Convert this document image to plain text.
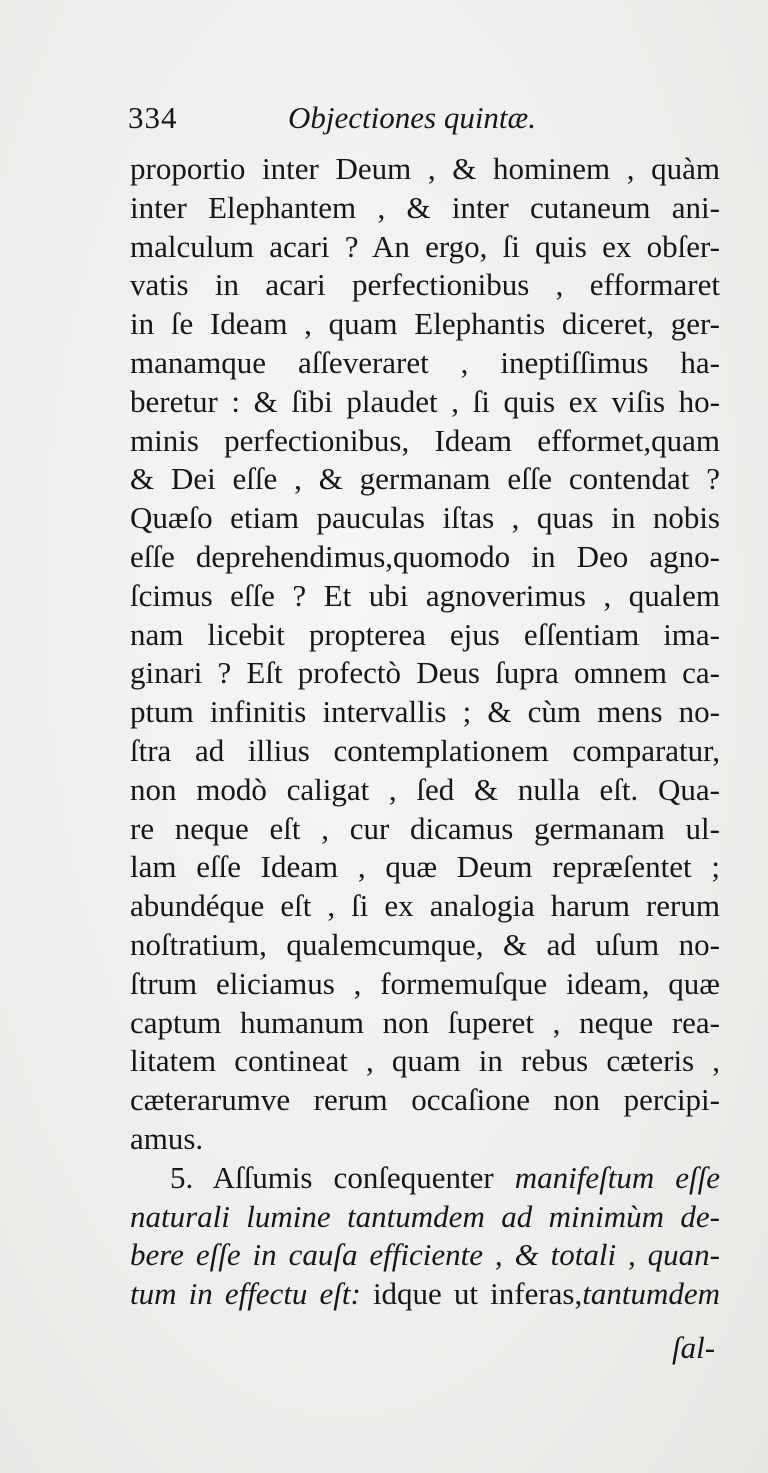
334	Objectiones quintæ.
proportio inter Deum , & hominem , quàm
inter Elephantem , & inter cutaneum ani-
malculum acari ? An ergo, ſi quis ex obſer-
vatis in acari perfectionibus , efformaret
in ſe Ideam , quam Elephantis diceret, ger-
manamque aſſeveraret , ineptiſſimus ha-
beretur : & ſibi plaudet , ſi quis ex viſis ho-
minis perfectionibus, Ideam efformet,quam
& Dei eſſe , & germanam eſſe contendat ?
Quæſo etiam pauculas iſtas , quas in nobis
eſſe deprehendimus,quomodo in Deo agno-
ſcimus eſſe ? Et ubi agnoverimus , qualem
nam licebit propterea ejus eſſentiam ima-
ginari ? Eſt profectò Deus ſupra omnem ca-
ptum infinitis intervallis ; & cùm mens no-
ſtra ad illius contemplationem comparatur,
non modò caligat , ſed & nulla eſt. Qua-
re neque eſt , cur dicamus germanam ul-
lam eſſe Ideam , quæ Deum repræſentet ;
abundéque eſt , ſi ex analogia harum rerum
noſtratium, qualemcumque, & ad uſum no-
ſtrum eliciamus , formemuſque ideam, quæ
captum humanum non ſuperet , neque rea-
litatem contineat , quam in rebus cæteris ,
cæterarumve rerum occaſione non percipi-
amus.
5. Aſſumis conſequenter manifeſtum eſſe
naturali lumine tantumdem ad minimùm de-
bere eſſe in cauſa efficiente , & totali , quan-
tum in effectu eſt: idque ut inferas,tantumdem
ſal-
